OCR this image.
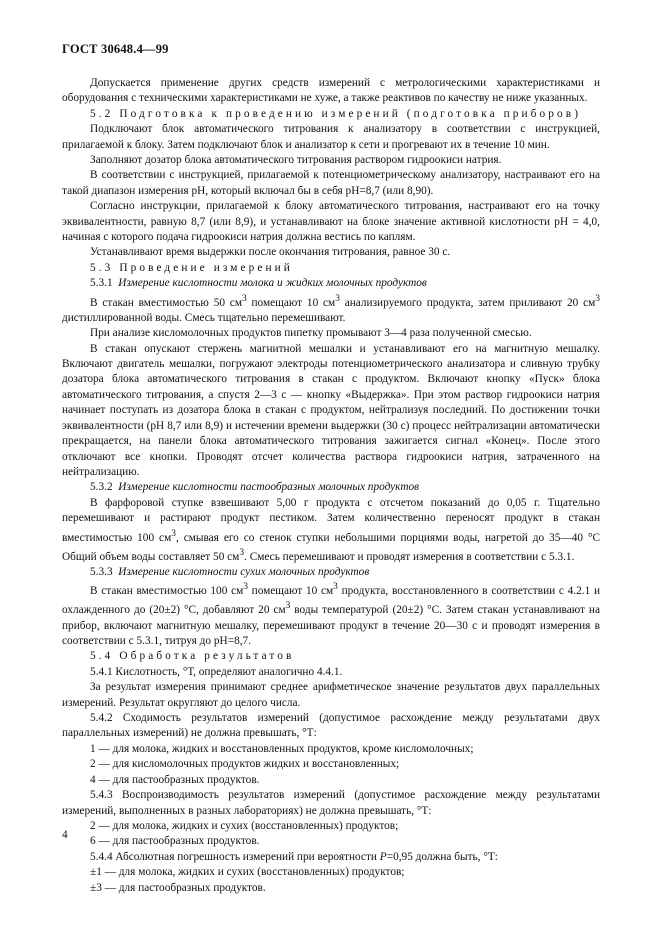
ГОСТ 30648.4—99

Допускается применение других средств измерений с метрологическими характеристиками и оборудования с техническими характеристиками не хуже, а также реактивов по качеству не ниже указанных.

5.2 Подготовка к проведению измерений (подготовка приборов)

Подключают блок автоматического титрования к анализатору в соответствии с инструкцией, прилагаемой к блоку. Затем подключают блок и анализатор к сети и прогревают их в течение 10 мин.

Заполняют дозатор блока автоматического титрования раствором гидроокиси натрия.

В соответствии с инструкцией, прилагаемой к потенциометрическому анализатору, настраивают его на такой диапазон измерения pH, который включал бы в себя pH=8,7 (или 8,90).

Согласно инструкции, прилагаемой к блоку автоматического титрования, настраивают его на точку эквивалентности, равную 8,7 (или 8,9), и устанавливают на блоке значение активной кислотности pH = 4,0, начиная с которого подача гидроокиси натрия должна вестись по каплям.

Устанавливают время выдержки после окончания титрования, равное 30 с.

5.3 Проведение измерений

5.3.1 Измерение кислотности молока и жидких молочных продуктов

В стакан вместимостью 50 $см^3$ помещают 10 $см^3$ анализируемого продукта, затем приливают 20 $см^3$ дистиллированной воды. Смесь тщательно перемешивают.

При анализе кисломолочных продуктов пипетку промывают 3—4 раза полученной смесью.

В стакан опускают стержень магнитной мешалки и устанавливают его на магнитную мешалку. Включают двигатель мешалки, погружают электроды потенциометрического анализатора и сливную трубку дозатора блока автоматического титрования в стакан с продуктом. Включают кнопку «Пуск» блока автоматического титрования, а спустя 2—3 с — кнопку «Выдержка». При этом раствор гидроокиси натрия начинает поступать из дозатора блока в стакан с продуктом, нейтрализуя последний. По достижении точки эквивалентности (pH 8,7 или 8,9) и истечении времени выдержки (30 с) процесс нейтрализации автоматически прекращается, на панели блока автоматического титрования зажигается сигнал «Конец». После этого отключают все кнопки. Проводят отсчет количества раствора гидроокиси натрия, затраченного на нейтрализацию.

5.3.2 Измерение кислотности пастообразных молочных продуктов

В фарфоровой ступке взвешивают 5,00 г продукта с отсчетом показаний до 0,05 г. Тщательно перемешивают и растирают продукт пестиком. Затем количественно переносят продукт в стакан вместимостью 100 $см^3$, смывая его со стенок ступки небольшими порциями воды, нагретой до 35—40 °С Общий объем воды составляет 50 $см^3$. Смесь перемешивают и проводят измерения в соответствии с 5.3.1.

5.3.3 Измерение кислотности сухих молочных продуктов

В стакан вместимостью 100 $см^3$ помещают 10 $см^3$ продукта, восстановленного в соответствии с 4.2.1 и охлажденного до (20±2) °С, добавляют 20 $см^3$ воды температурой (20±2) °С. Затем стакан устанавливают на прибор, включают магнитную мешалку, перемешивают продукт в течение 20—30 с и проводят измерения в соответствии с 5.3.1, титруя до pH=8,7.

5.4 Обработка результатов

5.4.1 Кислотность, °Т, определяют аналогично 4.4.1.

За результат измерения принимают среднее арифметическое значение результатов двух параллельных измерений. Результат округляют до целого числа.

5.4.2 Сходимость результатов измерений (допустимое расхождение между результатами двух параллельных измерений) не должна превышать, °Т:

1 — для молока, жидких и восстановленных продуктов, кроме кисломолочных;

2 — для кисломолочных продуктов жидких и восстановленных;

4 — для пастообразных продуктов.

5.4.3 Воспроизводимость результатов измерений (допустимое расхождение между результатами измерений, выполненных в разных лабораториях) не должна превышать, °Т:

2 — для молока, жидких и сухих (восстановленных) продуктов;

6 — для пастообразных продуктов.

5.4.4 Абсолютная погрешность измерений при вероятности P=0,95 должна быть, °Т:

±1 — для молока, жидких и сухих (восстановленных) продуктов;

±3 — для пастообразных продуктов.

4
